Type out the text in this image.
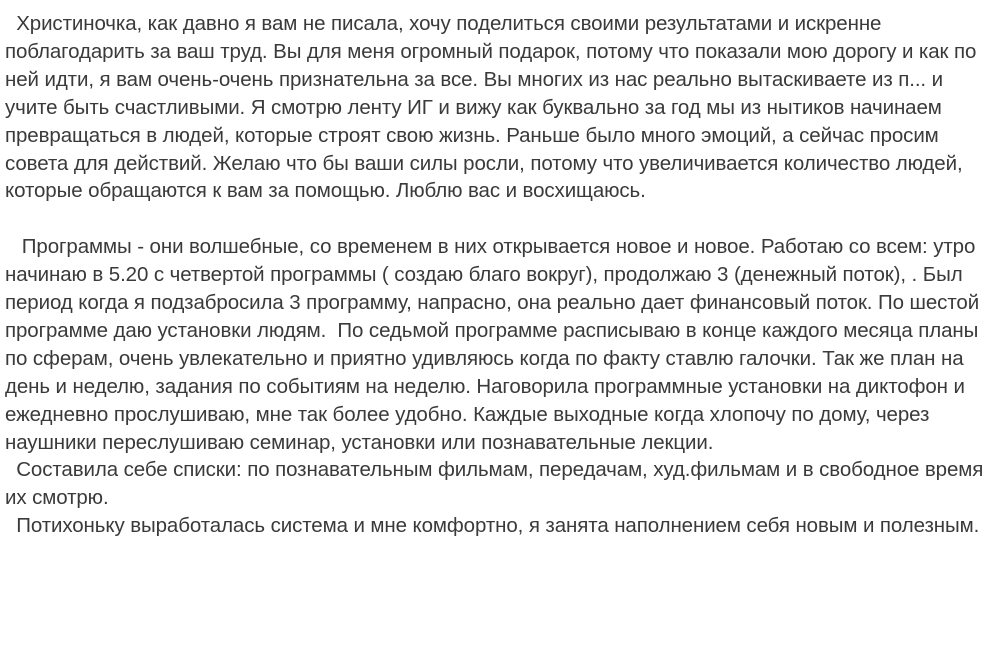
Христиночка, как давно я вам не писала, хочу поделиться своими результатами и искренне поблагодарить за ваш труд. Вы для меня огромный подарок, потому что показали мою дорогу и как по ней идти, я вам очень-очень признательна за все. Вы многих из нас реально вытаскиваете из п... и учите быть счастливыми. Я смотрю ленту ИГ и вижу как буквально за год мы из нытиков начинаем превращаться в людей, которые строят свою жизнь. Раньше было много эмоций, а сейчас просим совета для действий. Желаю что бы ваши силы росли, потому что увеличивается количество людей, которые обращаются к вам за помощью. Люблю вас и восхищаюсь.

Программы - они волшебные, со временем в них открывается новое и новое. Работаю со всем: утро начинаю в 5.20 с четвертой программы ( создаю благо вокруг), продолжаю 3 (денежный поток), . Был период когда я подзабросила 3 программу, напрасно, она реально дает финансовый поток. По шестой программе даю установки людям.  По седьмой программе расписываю в конце каждого месяца планы по сферам, очень увлекательно и приятно удивляюсь когда по факту ставлю галочки. Так же план на день и неделю, задания по событиям на неделю. Наговорила программные установки на диктофон и ежедневно прослушиваю, мне так более удобно. Каждые выходные когда хлопочу по дому, через наушники переслушиваю семинар, установки или познавательные лекции.

Составила себе списки: по познавательным фильмам, передачам, худ.фильмам и в свободное время их смотрю.

Потихоньку выработалась система и мне комфортно, я занята наполнением себя новым и полезным.
